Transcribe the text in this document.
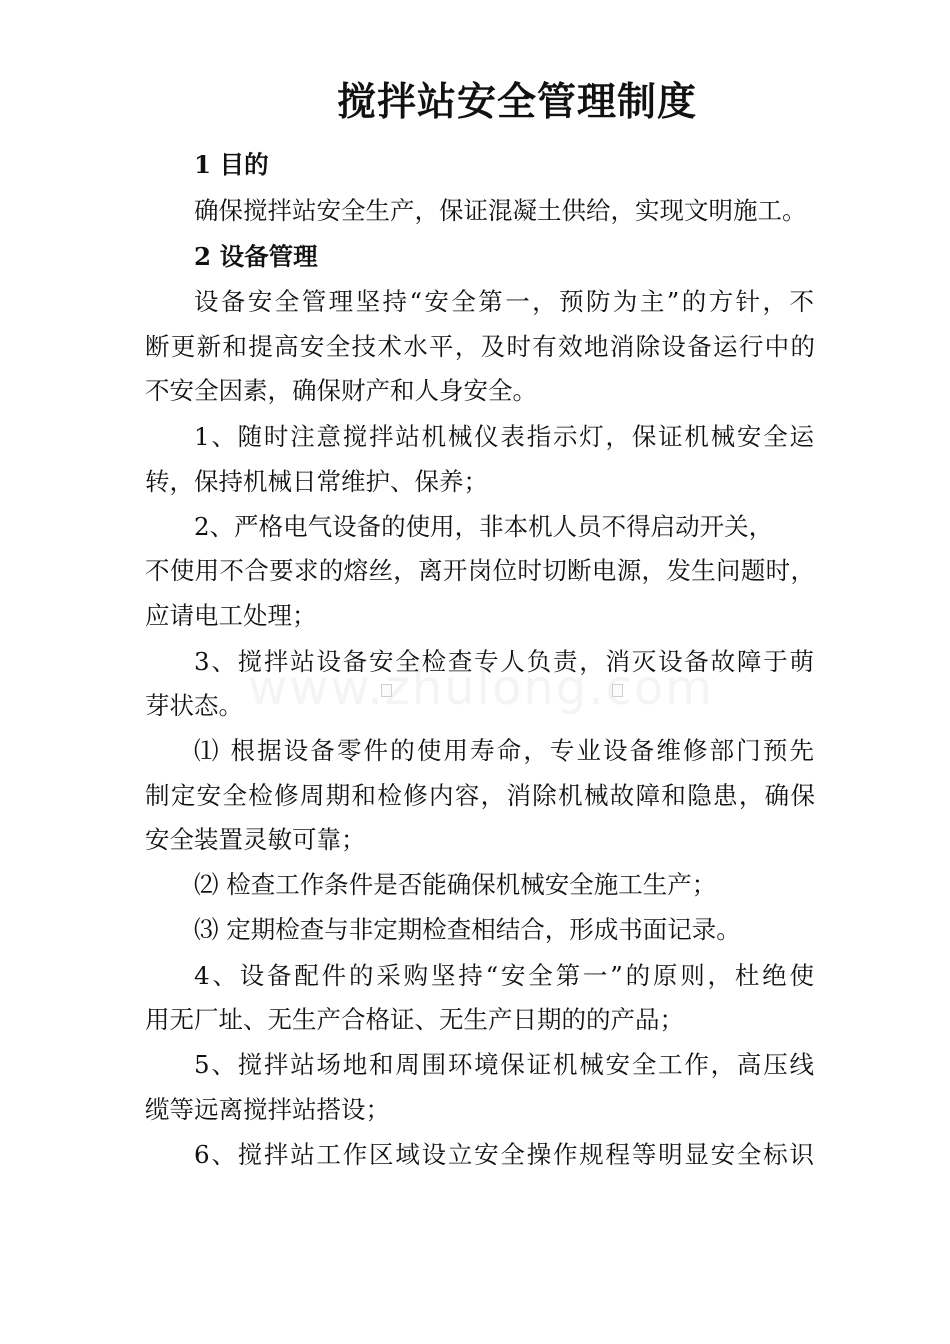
搅拌站安全管理制度
1 目的
确保搅拌站安全生产，保证混凝土供给，实现文明施工。
2 设备管理
设备安全管理坚持“安全第一，预防为主”的方针，不
断更新和提高安全技术水平，及时有效地消除设备运行中的
不安全因素，确保财产和人身安全。
1、随时注意搅拌站机械仪表指示灯，保证机械安全运
转，保持机械日常维护、保养；
2、严格电气设备的使用，非本机人员不得启动开关，
不使用不合要求的熔丝，离开岗位时切断电源，发生问题时，
应请电工处理；
3、搅拌站设备安全检查专人负责，消灭设备故障于萌
芽状态。
⑴ 根据设备零件的使用寿命，专业设备维修部门预先
制定安全检修周期和检修内容，消除机械故障和隐患，确保
安全装置灵敏可靠；
⑵ 检查工作条件是否能确保机械安全施工生产；
⑶ 定期检查与非定期检查相结合，形成书面记录。
4、设备配件的采购坚持“安全第一”的原则，杜绝使
用无厂址、无生产合格证、无生产日期的的产品；
5、搅拌站场地和周围环境保证机械安全工作，高压线
缆等远离搅拌站搭设；
6、搅拌站工作区域设立安全操作规程等明显安全标识
